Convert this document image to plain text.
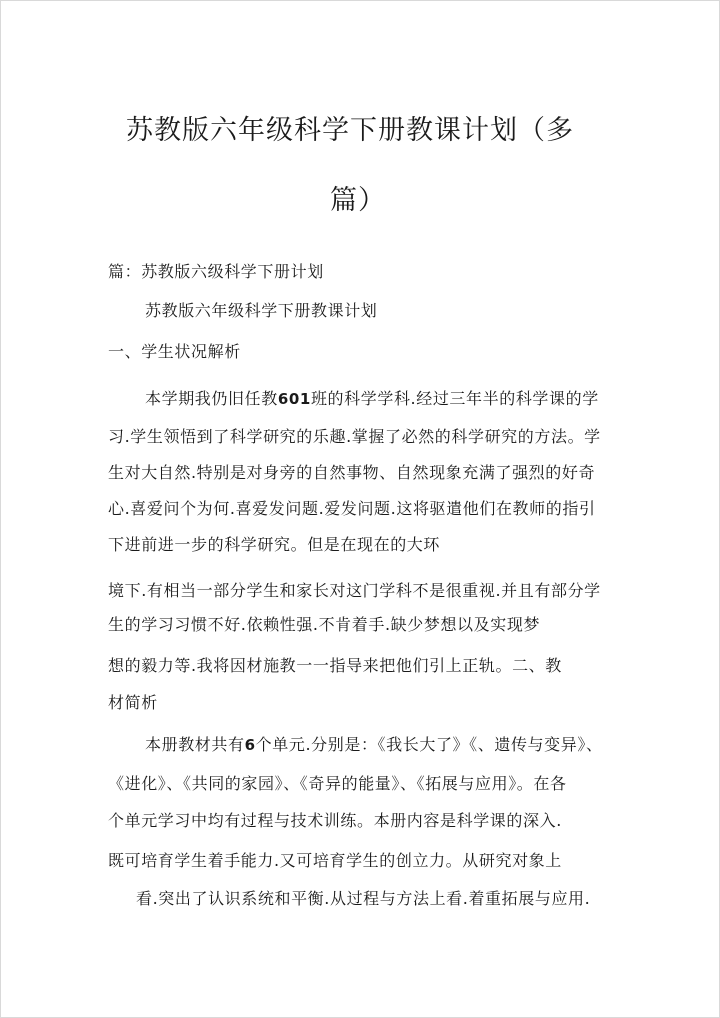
苏教版六年级科学下册教课计划（多
篇）
篇：苏教版六级科学下册计划
苏教版六年级科学下册教课计划
一、学生状况解析
本学期我仍旧任教601班的科学学科.经过三年半的科学课的学
习.学生领悟到了科学研究的乐趣.掌握了必然的科学研究的方法。学
生对大自然.特别是对身旁的自然事物、自然现象充满了强烈的好奇
心.喜爱问个为何.喜爱发问题.爱发问题.这将驱遣他们在教师的指引
下进前进一步的科学研究。但是在现在的大环
境下.有相当一部分学生和家长对这门学科不是很重视.并且有部分学
生的学习习惯不好.依赖性强.不肯着手.缺少梦想以及实现梦
想的毅力等.我将因材施教一一指导来把他们引上正轨。二、教
材简析
本册教材共有6个单元.分别是：《我长大了》《、遗传与变异》、
《进化》、《共同的家园》、《奇异的能量》、《拓展与应用》。在各
个单元学习中均有过程与技术训练。本册内容是科学课的深入.
既可培育学生着手能力.又可培育学生的创立力。从研究对象上
看.突出了认识系统和平衡.从过程与方法上看.着重拓展与应用.
